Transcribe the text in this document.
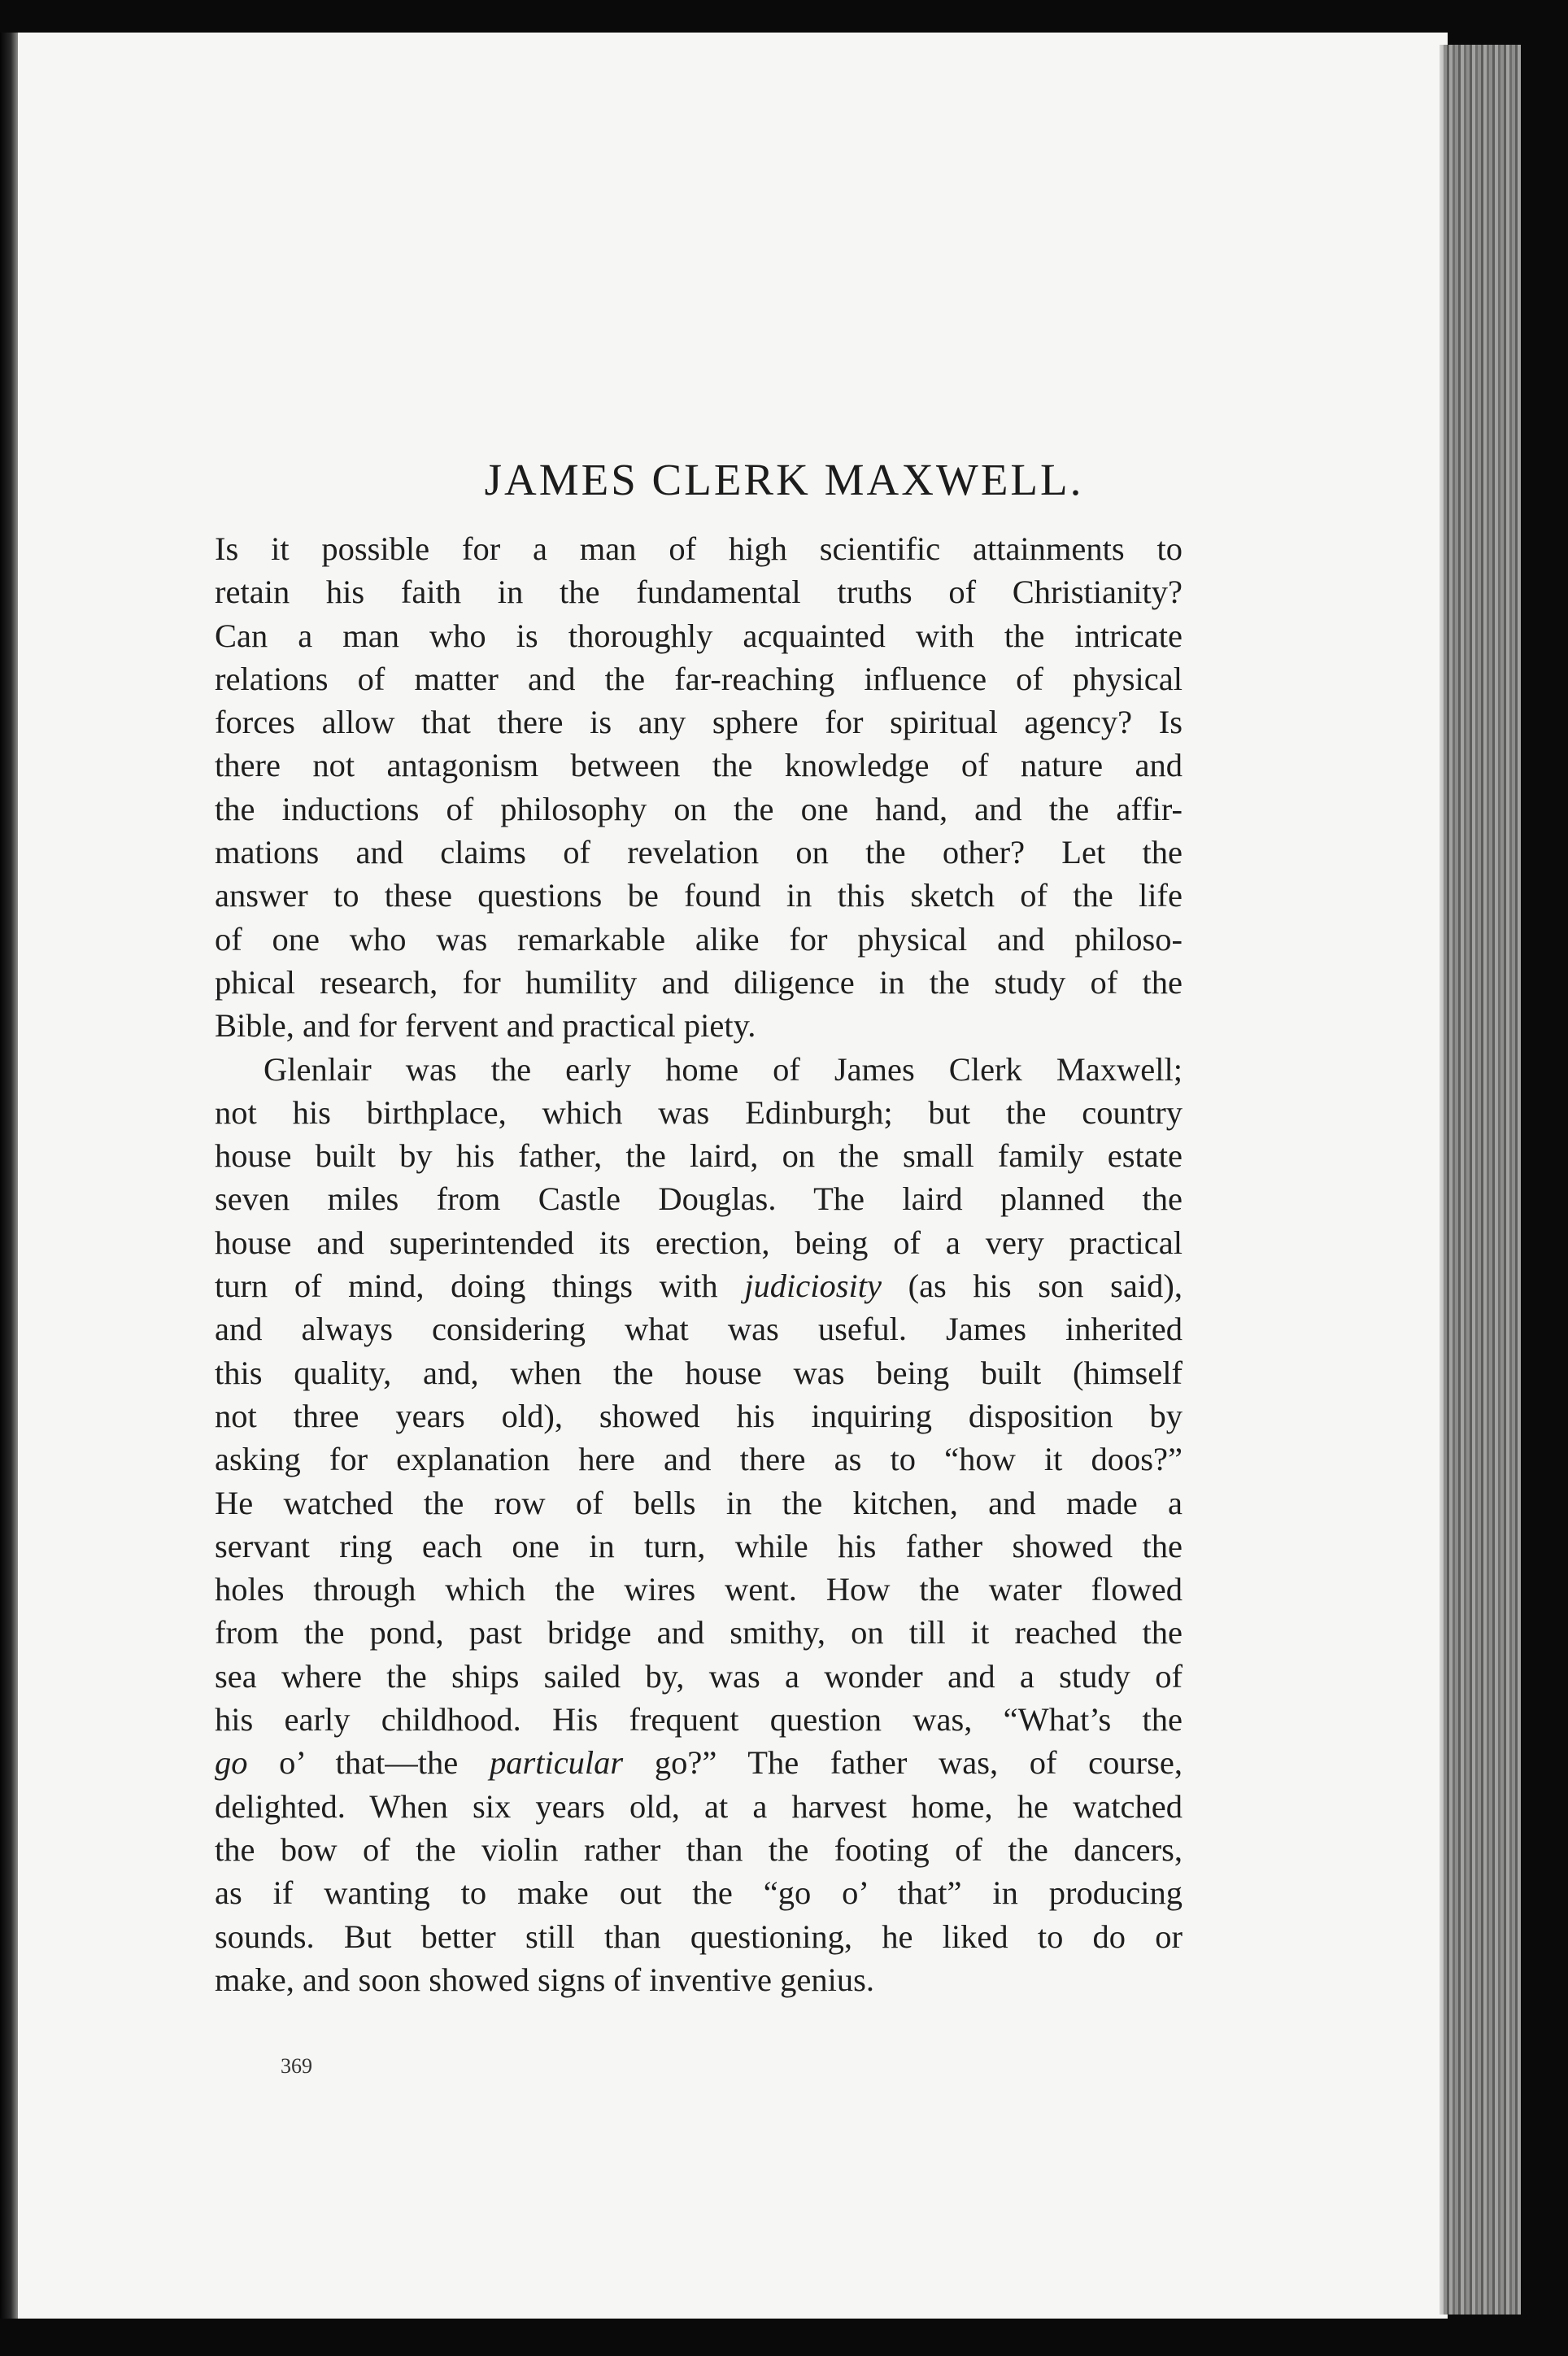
JAMES CLERK MAXWELL.
Is it possible for a man of high scientific attainments to
retain his faith in the fundamental truths of Christianity?
Can a man who is thoroughly acquainted with the intricate
relations of matter and the far-reaching influence of physical
forces allow that there is any sphere for spiritual agency? Is
there not antagonism between the knowledge of nature and
the inductions of philosophy on the one hand, and the affir-
mations and claims of revelation on the other? Let the
answer to these questions be found in this sketch of the life
of one who was remarkable alike for physical and philoso-
phical research, for humility and diligence in the study of the
Bible, and for fervent and practical piety.
Glenlair was the early home of James Clerk Maxwell;
not his birthplace, which was Edinburgh; but the country
house built by his father, the laird, on the small family estate
seven miles from Castle Douglas. The laird planned the
house and superintended its erection, being of a very practical
turn of mind, doing things with judiciosity (as his son said),
and always considering what was useful. James inherited
this quality, and, when the house was being built (himself
not three years old), showed his inquiring disposition by
asking for explanation here and there as to “how it doos?”
He watched the row of bells in the kitchen, and made a
servant ring each one in turn, while his father showed the
holes through which the wires went. How the water flowed
from the pond, past bridge and smithy, on till it reached the
sea where the ships sailed by, was a wonder and a study of
his early childhood. His frequent question was, “What’s the
go o’ that—the particular go?” The father was, of course,
delighted. When six years old, at a harvest home, he watched
the bow of the violin rather than the footing of the dancers,
as if wanting to make out the “go o’ that” in producing
sounds. But better still than questioning, he liked to do or
make, and soon showed signs of inventive genius.
369
